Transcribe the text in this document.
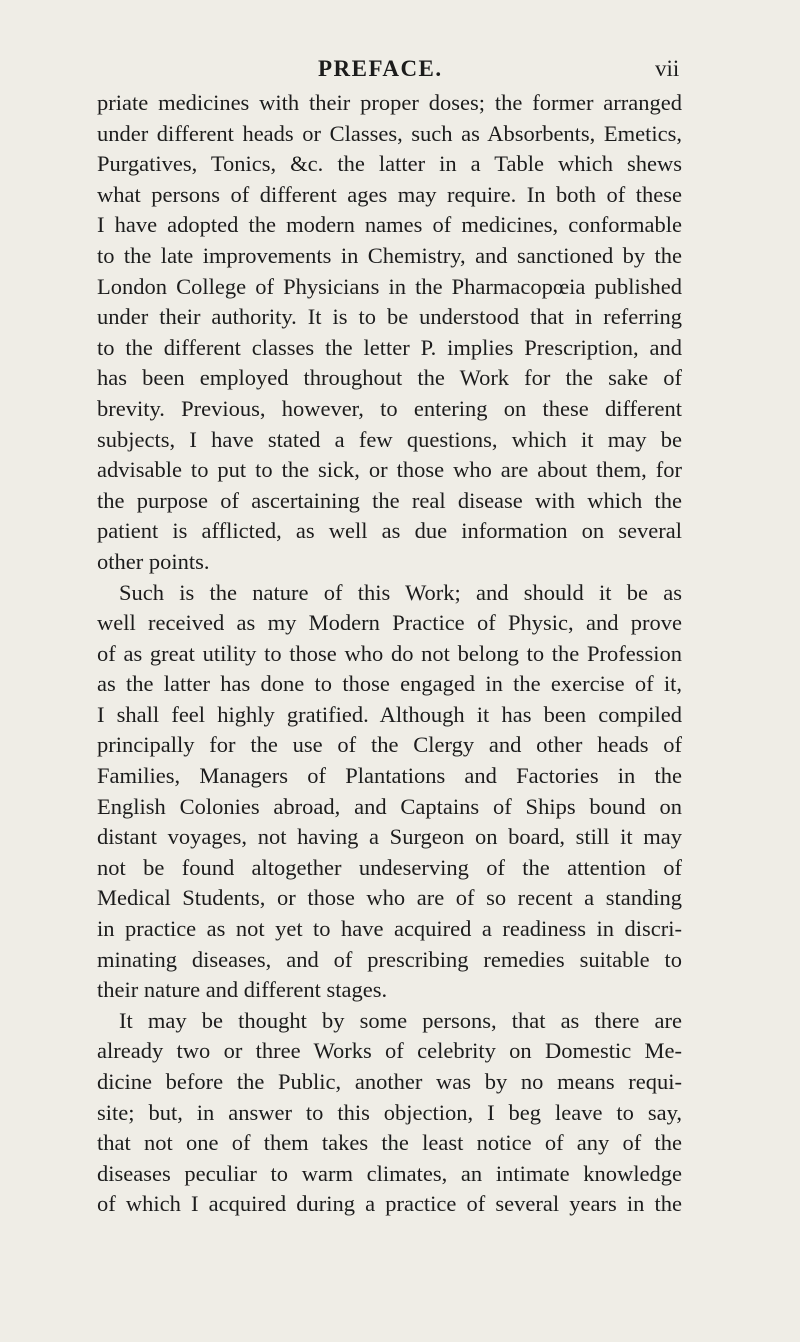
PREFACE.	vii
priate medicines with their proper doses; the former arranged
under different heads or Classes, such as Absorbents, Emetics,
Purgatives, Tonics, &c. the latter in a Table which shews
what persons of different ages may require. In both of these
I have adopted the modern names of medicines, conformable
to the late improvements in Chemistry, and sanctioned by the
London College of Physicians in the Pharmacopœia published
under their authority. It is to be understood that in referring
to the different classes the letter P. implies Prescription, and
has been employed throughout the Work for the sake of
brevity. Previous, however, to entering on these different
subjects, I have stated a few questions, which it may be
advisable to put to the sick, or those who are about them, for
the purpose of ascertaining the real disease with which the
patient is afflicted, as well as due information on several
other points.
Such is the nature of this Work; and should it be as
well received as my Modern Practice of Physic, and prove
of as great utility to those who do not belong to the Profession
as the latter has done to those engaged in the exercise of it,
I shall feel highly gratified. Although it has been compiled
principally for the use of the Clergy and other heads of
Families, Managers of Plantations and Factories in the
English Colonies abroad, and Captains of Ships bound on
distant voyages, not having a Surgeon on board, still it may
not be found altogether undeserving of the attention of
Medical Students, or those who are of so recent a standing
in practice as not yet to have acquired a readiness in discri-
minating diseases, and of prescribing remedies suitable to
their nature and different stages.
It may be thought by some persons, that as there are
already two or three Works of celebrity on Domestic Me-
dicine before the Public, another was by no means requi-
site; but, in answer to this objection, I beg leave to say,
that not one of them takes the least notice of any of the
diseases peculiar to warm climates, an intimate knowledge
of which I acquired during a practice of several years in the
